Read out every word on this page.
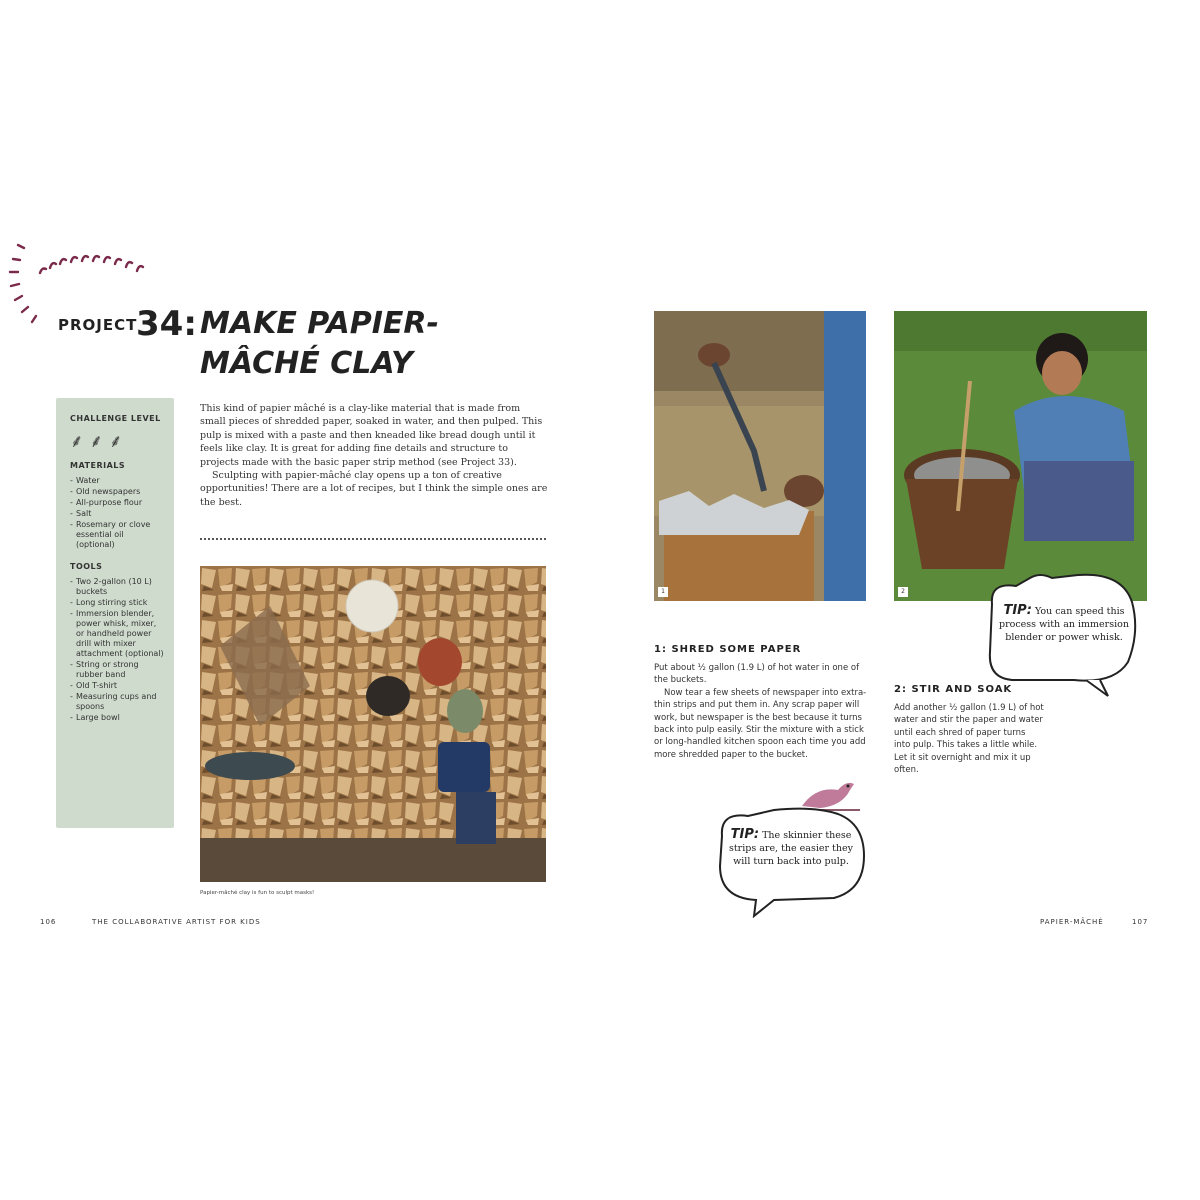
PROJECT
34: MAKE PAPIER-MÂCHÉ CLAY
CHALLENGE LEVEL
⸙⸙⸙
MATERIALS
- Water
- Old newspapers
- All-purpose flour
- Salt
- Rosemary or clove essential oil (optional)
TOOLS
- Two 2-gallon (10 L) buckets
- Long stirring stick
- Immersion blender, power whisk, mixer, or handheld power drill with mixer attachment (optional)
- String or strong rubber band
- Old T-shirt
- Measuring cups and spoons
- Large bowl

This kind of papier mâché is a clay-like material that is made from small pieces of shredded paper, soaked in water, and then pulped. This pulp is mixed with a paste and then kneaded like bread dough until it feels like clay. It is great for adding fine details and structure to projects made with the basic paper strip method (see Project 33).

Sculpting with papier-mâché clay opens up a ton of creative opportunities! There are a lot of recipes, but I think the simple ones are the best.

Papier-mâché clay is fun to sculpt masks!
106	THE COLLABORATIVE ARTIST FOR KIDS	PAPIER-MÂCHÉ	107
1	2
1: SHRED SOME PAPER

Put about ½ gallon (1.9 L) of hot water in one of the buckets.

Now tear a few sheets of newspaper into extra-thin strips and put them in. Any scrap paper will work, but newspaper is the best because it turns back into pulp easily. Stir the mixture with a stick or long-handled kitchen spoon each time you add more shredded paper to the bucket.

2: STIR AND SOAK

Add another ½ gallon (1.9 L) of hot water and stir the paper and water until each shred of paper turns into pulp. This takes a little while. Let it sit overnight and mix it up often.

TIP: You can speed this process with an immersion blender or power whisk.
TIP: The skinnier these strips are, the easier they will turn back into pulp.
